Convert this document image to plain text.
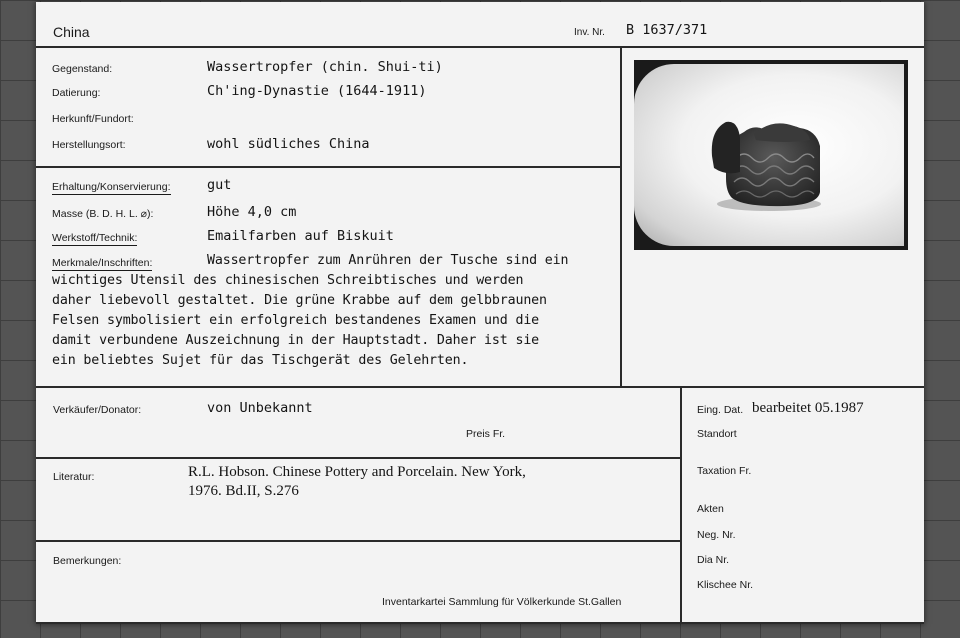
China	Inv. Nr. B 1637/371
Gegenstand:	Wassertropfer (chin. Shui-ti)
Datierung:	Ch'ing-Dynastie (1644-1911)
Herkunft/Fundort:
Herstellungsort:	wohl südliches China
Erhaltung/Konservierung:	gut
Masse (B. D. H. L. ⌀):	Höhe 4,0 cm
Werkstoff/Technik:	Emailfarben auf Biskuit
Merkmale/Inschriften:	Wassertropfer zum Anrühren der Tusche sind ein
wichtiges Utensil des chinesischen Schreibtisches und werden
daher liebevoll gestaltet. Die grüne Krabbe auf dem gelbbraunen
Felsen symbolisiert ein erfolgreich bestandenes Examen und die
damit verbundene Auszeichnung in der Hauptstadt. Daher ist sie
ein beliebtes Sujet für das Tischgerät des Gelehrten.
Verkäufer/Donator:	von Unbekannt
Preis Fr.
Literatur:	R.L. Hobson. Chinese Pottery and Porcelain. New York,
1976. Bd.II, S.276
Bemerkungen:
Inventarkartei Sammlung für Völkerkunde St.Gallen
Eing. Dat. bearbeitet 05.1987
Standort
Taxation Fr.
Akten
Neg. Nr.
Dia Nr.
Klischee Nr.
